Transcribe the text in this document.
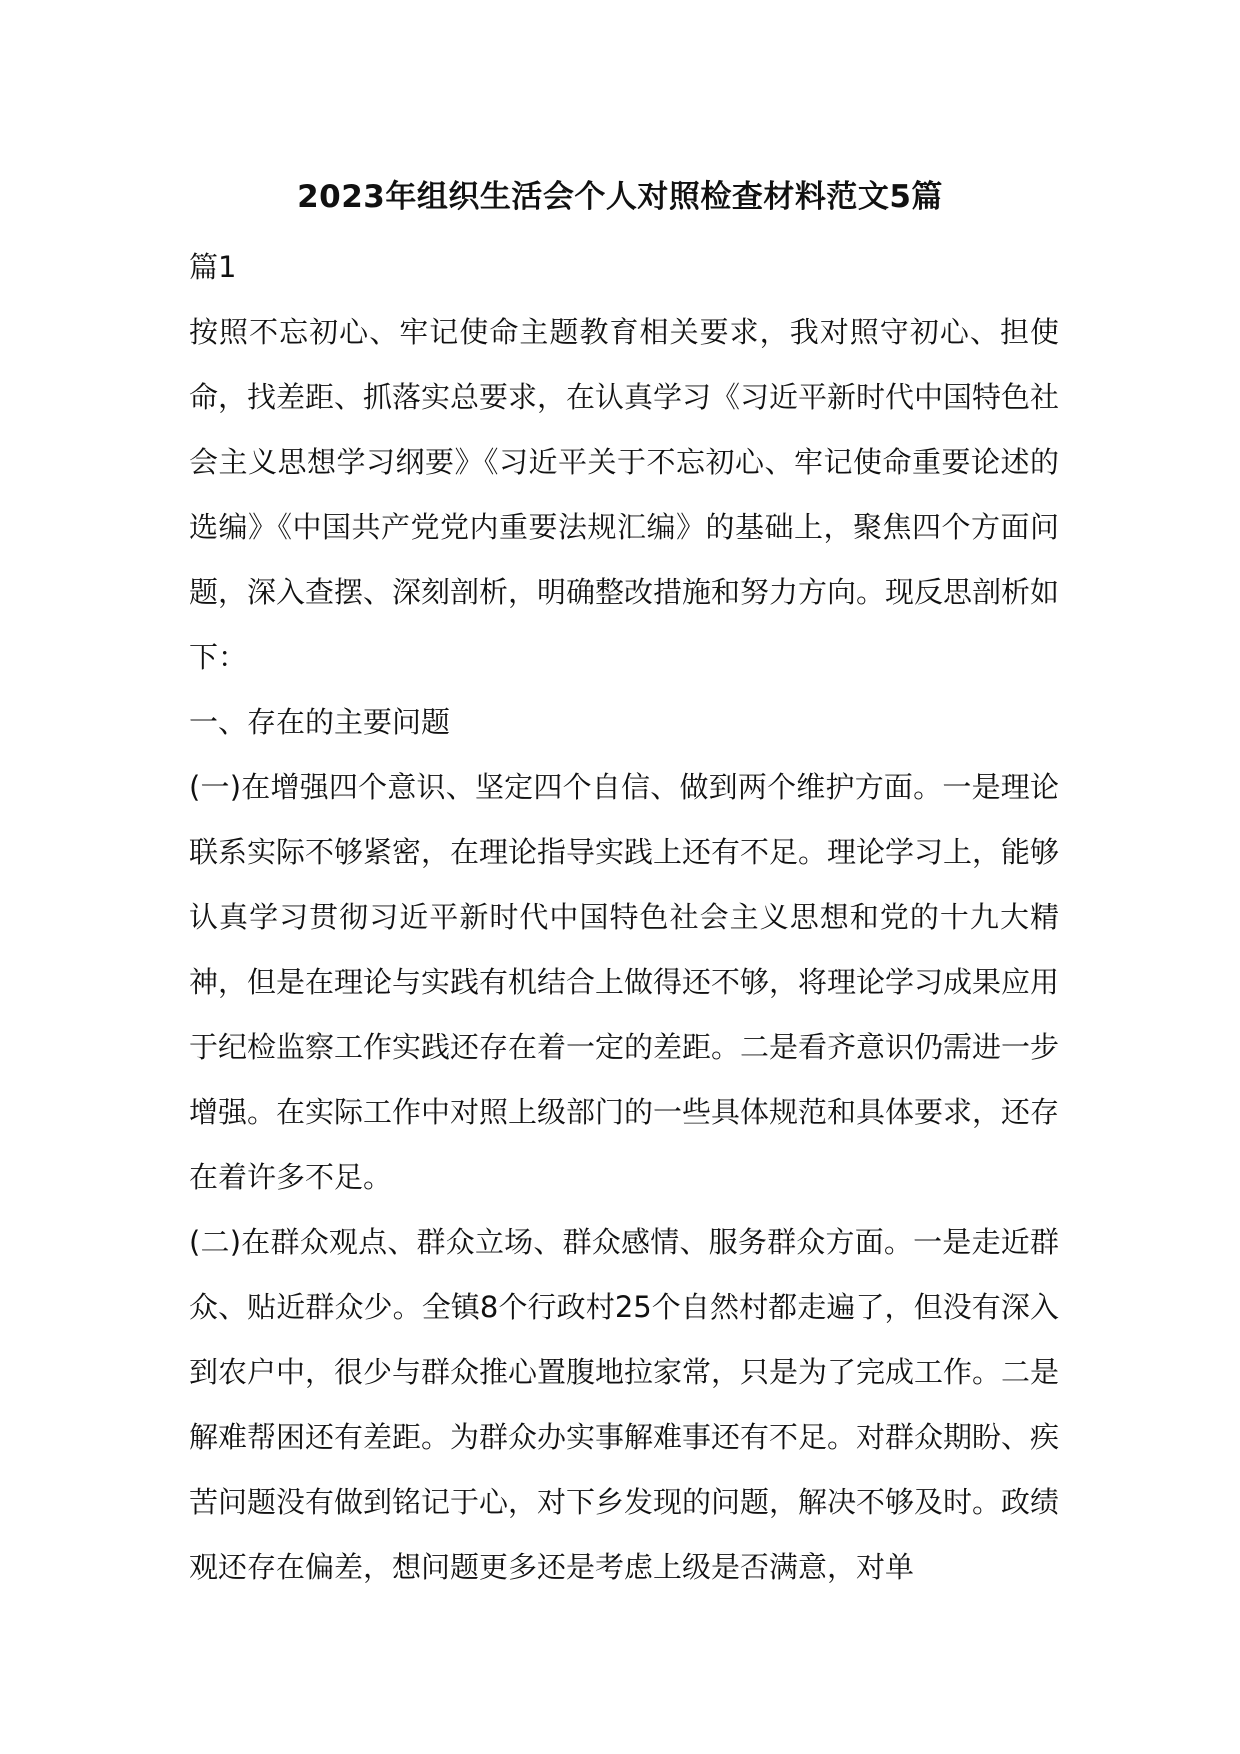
2023年组织生活会个人对照检查材料范文5篇

篇1

按照不忘初心、牢记使命主题教育相关要求，我对照守初心、担使命，找差距、抓落实总要求，在认真学习《习近平新时代中国特色社会主义思想学习纲要》《习近平关于不忘初心、牢记使命重要论述的选编》《中国共产党党内重要法规汇编》的基础上，聚焦四个方面问题，深入查摆、深刻剖析，明确整改措施和努力方向。现反思剖析如下：

一、存在的主要问题

(一)在增强四个意识、坚定四个自信、做到两个维护方面。一是理论联系实际不够紧密，在理论指导实践上还有不足。理论学习上，能够认真学习贯彻习近平新时代中国特色社会主义思想和党的十九大精神，但是在理论与实践有机结合上做得还不够，将理论学习成果应用于纪检监察工作实践还存在着一定的差距。二是看齐意识仍需进一步增强。在实际工作中对照上级部门的一些具体规范和具体要求，还存在着许多不足。

(二)在群众观点、群众立场、群众感情、服务群众方面。一是走近群众、贴近群众少。全镇8个行政村25个自然村都走遍了，但没有深入到农户中，很少与群众推心置腹地拉家常，只是为了完成工作。二是解难帮困还有差距。为群众办实事解难事还有不足。对群众期盼、疾苦问题没有做到铭记于心，对下乡发现的问题，解决不够及时。政绩观还存在偏差，想问题更多还是考虑上级是否满意，对单
